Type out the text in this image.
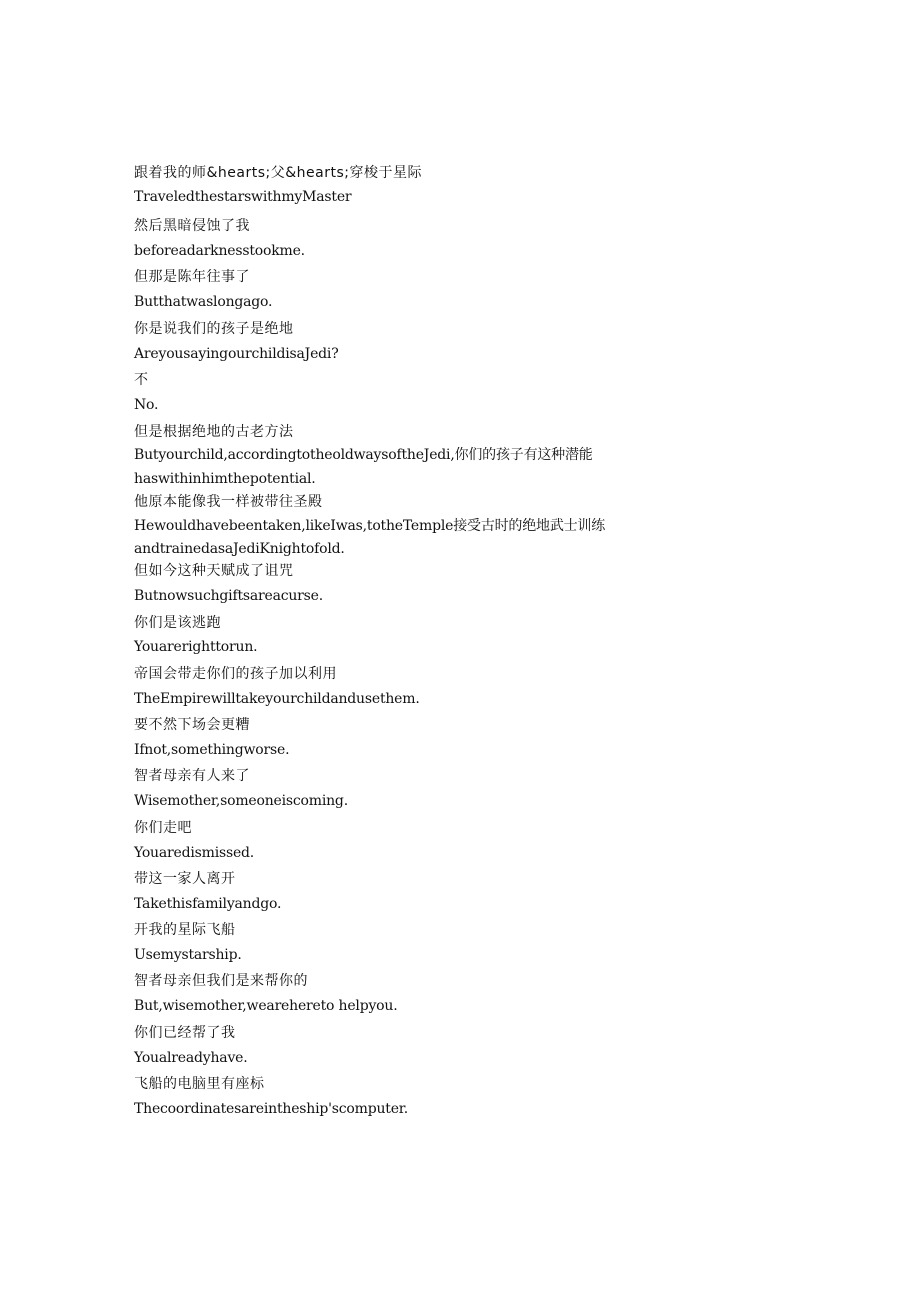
跟着我的师&hearts;父&hearts;穿梭于星际
TraveledthestarswithmyMaster
然后黑暗侵蚀了我
beforeadarknesstookme.
但那是陈年往事了
Butthatwaslongago.
你是说我们的孩子是绝地
AreyousayingourchildisaJedi?
不
No.
但是根据绝地的古老方法
Butyourchild,accordingtotheoldwaysoftheJedi,你们的孩子有这种潜能
haswithinhimthepotential.
他原本能像我一样被带往圣殿
Hewouldhavebeentaken,likeIwas,totheTemple接受古时的绝地武士训练
andtrainedasaJediKnightofold.
但如今这种天赋成了诅咒
Butnowsuchgiftsareacurse.
你们是该逃跑
Youarerighttorun.
帝国会带走你们的孩子加以利用
TheEmpirewilltakeyourchildandusethem.
要不然下场会更糟
Ifnot,somethingworse.
智者母亲有人来了
Wisemother,someoneiscoming.
你们走吧
Youaredismissed.
带这一家人离开
Takethisfamilyandgo.
开我的星际飞船
Usemystarship.
智者母亲但我们是来帮你的
But,wisemother,wearehereto helpyou.
你们已经帮了我
Youalreadyhave.
飞船的电脑里有座标
Thecoordinatesareintheship'scomputer.
